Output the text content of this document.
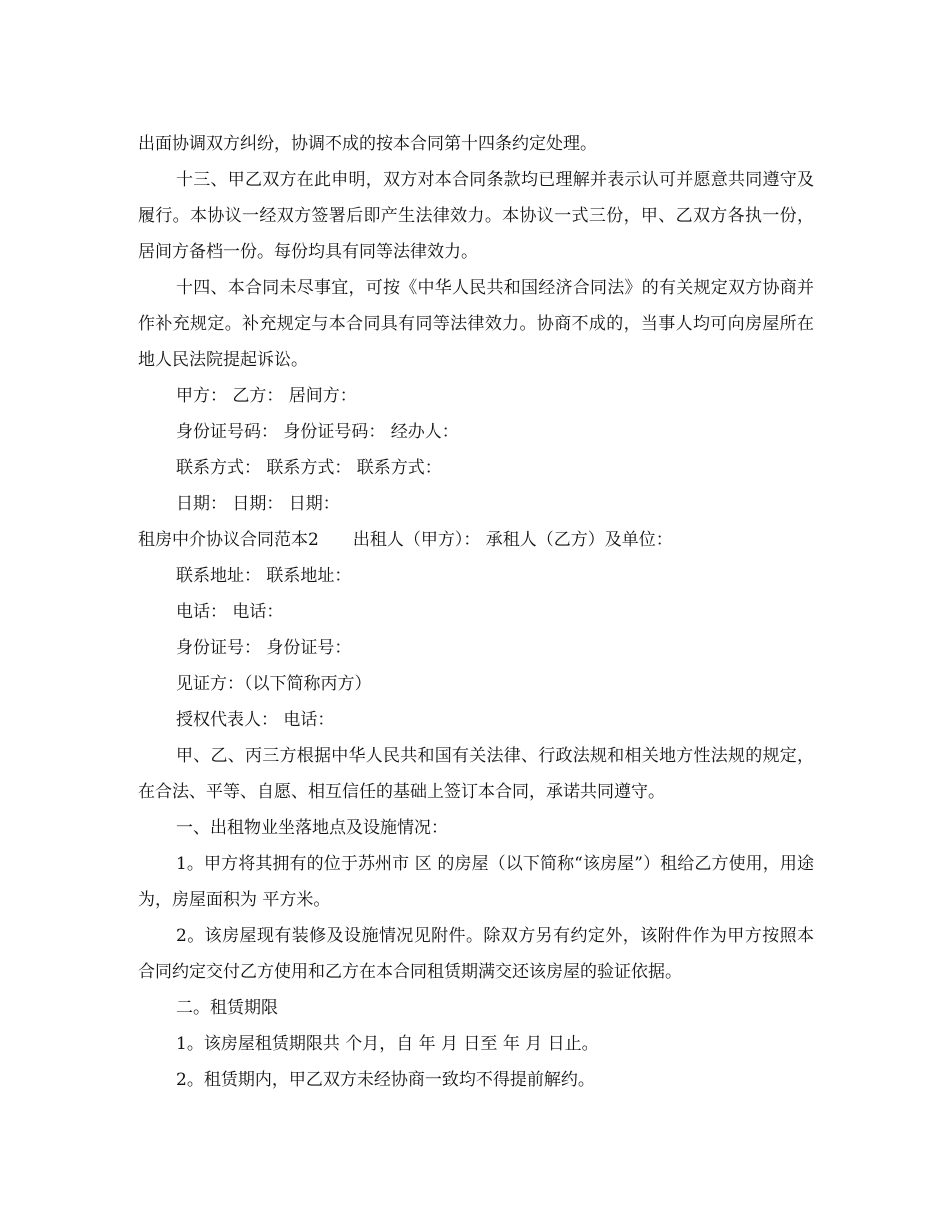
出面协调双方纠纷，协调不成的按本合同第十四条约定处理。

十三、甲乙双方在此申明，双方对本合同条款均已理解并表示认可并愿意共同遵守及履行。本协议一经双方签署后即产生法律效力。本协议一式三份，甲、乙双方各执一份，居间方备档一份。每份均具有同等法律效力。

十四、本合同未尽事宜，可按《中华人民共和国经济合同法》的有关规定双方协商并作补充规定。补充规定与本合同具有同等法律效力。协商不成的，当事人均可向房屋所在地人民法院提起诉讼。

甲方： 乙方： 居间方：

身份证号码： 身份证号码： 经办人：

联系方式： 联系方式： 联系方式：

日期： 日期： 日期：

租房中介协议合同范本2　　出租人（甲方）： 承租人（乙方）及单位：

联系地址： 联系地址：

电话： 电话：

身份证号： 身份证号：

见证方：（以下简称丙方）

授权代表人： 电话：

甲、乙、丙三方根据中华人民共和国有关法律、行政法规和相关地方性法规的规定，在合法、平等、自愿、相互信任的基础上签订本合同，承诺共同遵守。

一、出租物业坐落地点及设施情况：

1。甲方将其拥有的位于苏州市 区 的房屋（以下简称“该房屋”）租给乙方使用，用途为，房屋面积为 平方米。

2。该房屋现有装修及设施情况见附件。除双方另有约定外，该附件作为甲方按照本合同约定交付乙方使用和乙方在本合同租赁期满交还该房屋的验证依据。

二。租赁期限

1。该房屋租赁期限共 个月，自 年 月 日至 年 月 日止。

2。租赁期内，甲乙双方未经协商一致均不得提前解约。
